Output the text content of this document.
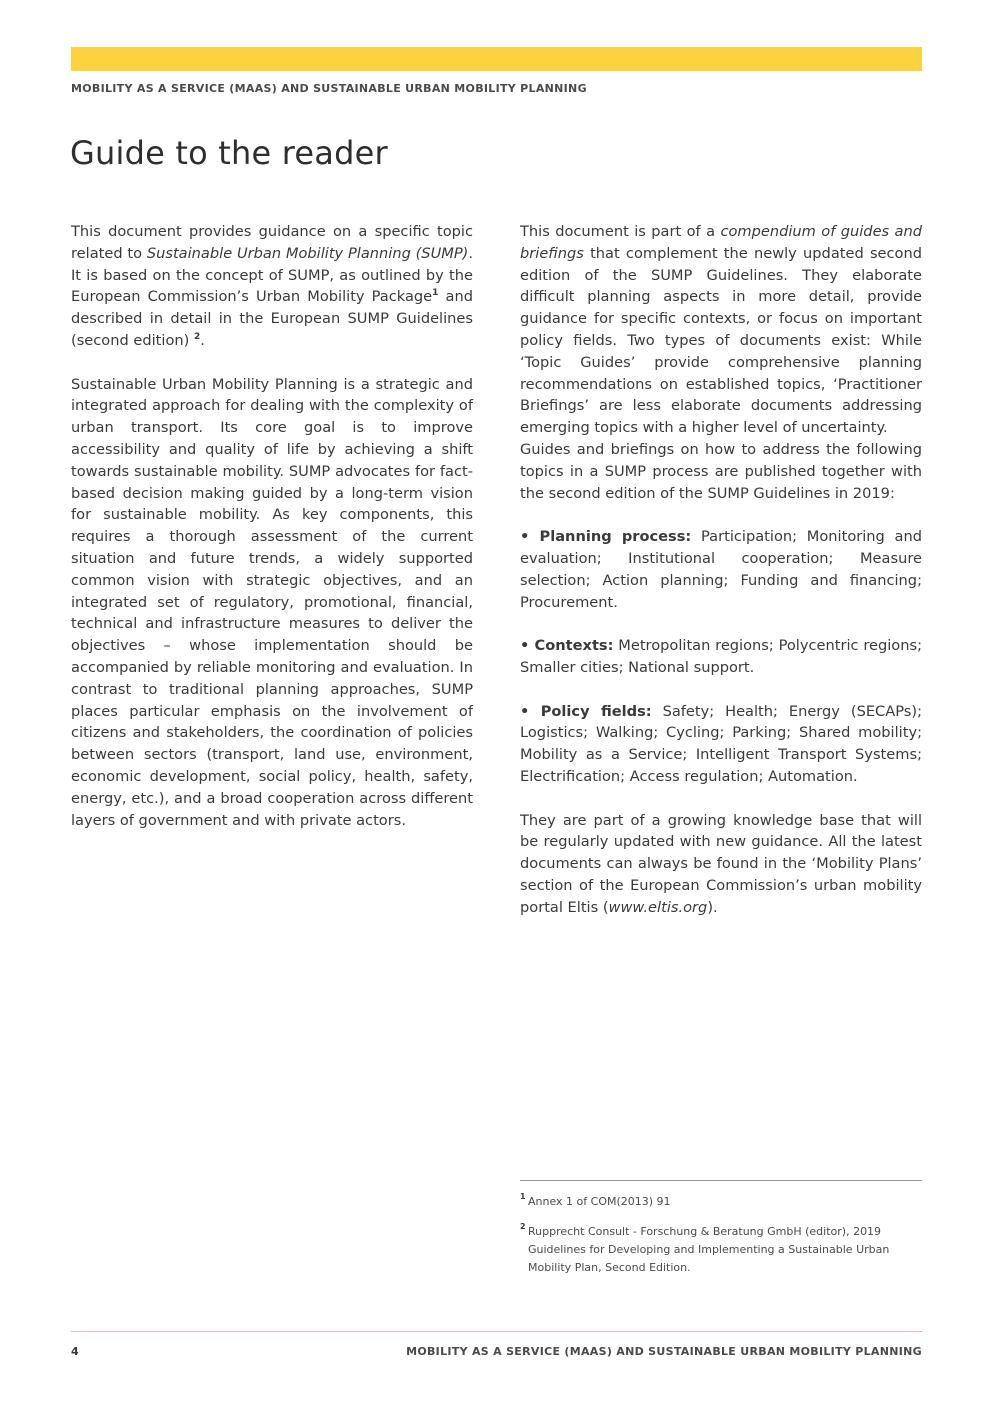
MOBILITY AS A SERVICE (MAAS) AND SUSTAINABLE URBAN MOBILITY PLANNING
Guide to the reader

This document provides guidance on a specific topic related to Sustainable Urban Mobility Planning (SUMP). It is based on the concept of SUMP, as outlined by the European Commission’s Urban Mobility Package$^1$ and described in detail in the European SUMP Guidelines (second edition) $^2$.

Sustainable Urban Mobility Planning is a strategic and integrated approach for dealing with the complexity of urban transport. Its core goal is to improve accessibility and quality of life by achieving a shift towards sustainable mobility. SUMP advocates for fact-based decision making guided by a long-term vision for sustainable mobility. As key components, this requires a thorough assessment of the current situation and future trends, a widely supported common vision with strategic objectives, and an integrated set of regulatory, promotional, financial, technical and infrastructure measures to deliver the objectives – whose implementation should be accompanied by reliable monitoring and evaluation. In contrast to traditional planning approaches, SUMP places particular emphasis on the involvement of citizens and stakeholders, the coordination of policies between sectors (transport, land use, environment, economic development, social policy, health, safety, energy, etc.), and a broad cooperation across different layers of government and with private actors.

This document is part of a compendium of guides and briefings that complement the newly updated second edition of the SUMP Guidelines. They elaborate difficult planning aspects in more detail, provide guidance for specific contexts, or focus on important policy fields. Two types of documents exist: While ‘Topic Guides’ provide comprehensive planning recommendations on established topics, ‘Practitioner Briefings’ are less elaborate documents addressing emerging topics with a higher level of uncertainty.

Guides and briefings on how to address the following topics in a SUMP process are published together with the second edition of the SUMP Guidelines in 2019:

• Planning process: Participation; Monitoring and evaluation; Institutional cooperation; Measure selection; Action planning; Funding and financing; Procurement.

• Contexts: Metropolitan regions; Polycentric regions; Smaller cities; National support.

• Policy fields: Safety; Health; Energy (SECAPs); Logistics; Walking; Cycling; Parking; Shared mobility; Mobility as a Service; Intelligent Transport Systems; Electrification; Access regulation; Automation.

They are part of a growing knowledge base that will be regularly updated with new guidance. All the latest documents can always be found in the ‘Mobility Plans’ section of the European Commission’s urban mobility portal Eltis (www.eltis.org).

1 Annex 1 of COM(2013) 91
2 Rupprecht Consult - Forschung & Beratung GmbH (editor), 2019 Guidelines for Developing and Implementing a Sustainable Urban Mobility Plan, Second Edition.
4	MOBILITY AS A SERVICE (MAAS) AND SUSTAINABLE URBAN MOBILITY PLANNING
